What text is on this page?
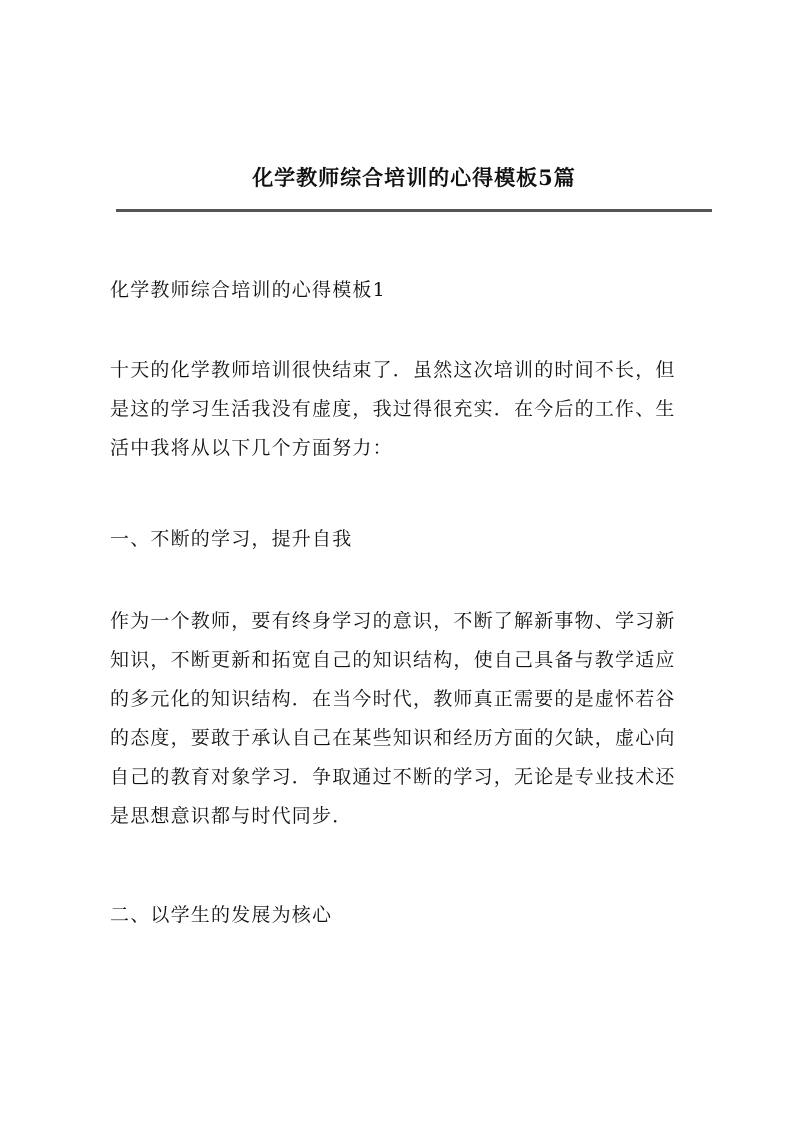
化学教师综合培训的心得模板5篇

化学教师综合培训的心得模板1

十天的化学教师培训很快结束了．虽然这次培训的时间不长，但
是这的学习生活我没有虚度，我过得很充实．在今后的工作、生
活中我将从以下几个方面努力：

一、不断的学习，提升自我

作为一个教师，要有终身学习的意识，不断了解新事物、学习新
知识，不断更新和拓宽自己的知识结构，使自己具备与教学适应
的多元化的知识结构．在当今时代，教师真正需要的是虚怀若谷
的态度，要敢于承认自己在某些知识和经历方面的欠缺，虚心向
自己的教育对象学习．争取通过不断的学习，无论是专业技术还
是思想意识都与时代同步．

二、以学生的发展为核心
